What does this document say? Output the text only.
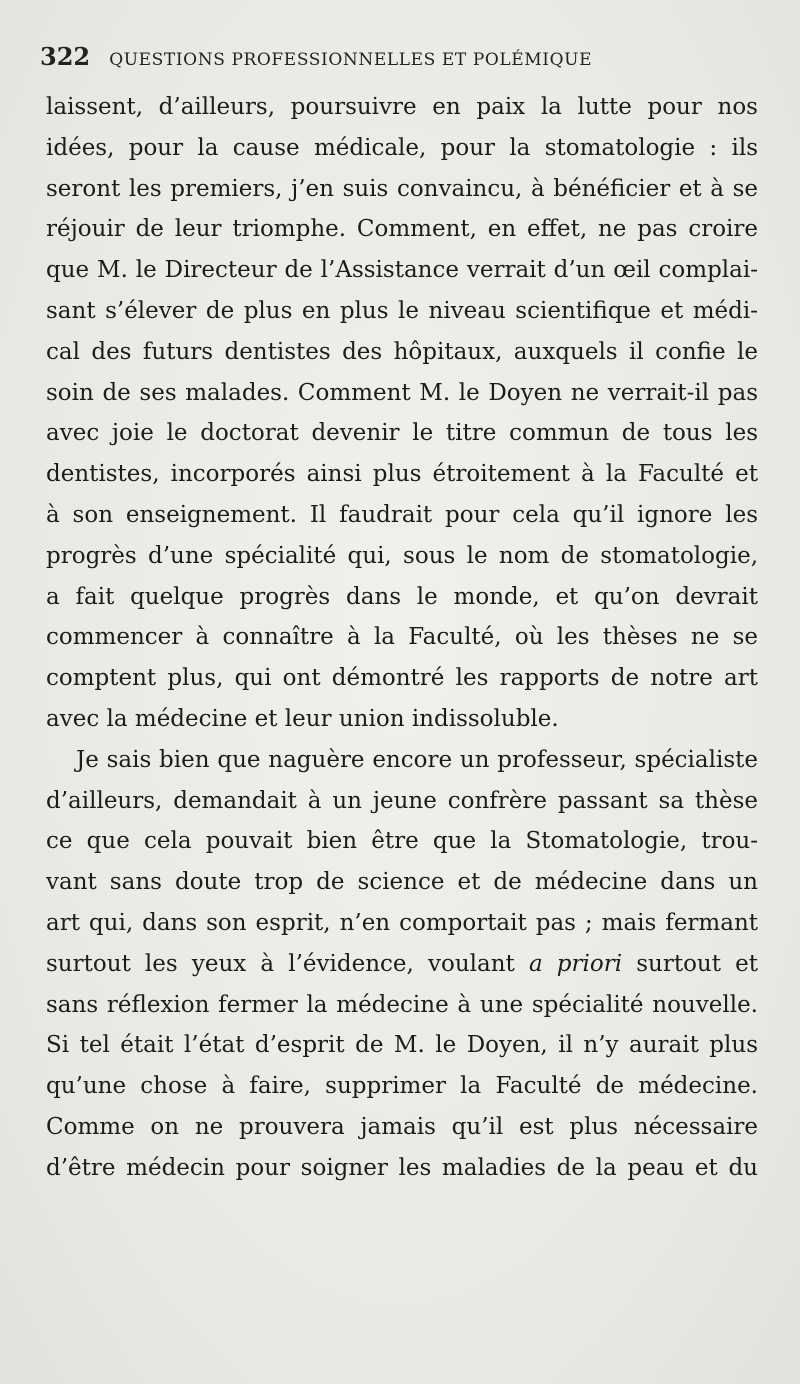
322 QUESTIONS PROFESSIONNELLES ET POLÉMIQUE
laissent, d’ailleurs, poursuivre en paix la lutte pour nos
idées, pour la cause médicale, pour la stomatologie : ils
seront les premiers, j’en suis convaincu, à bénéficier et à se
réjouir de leur triomphe. Comment, en effet, ne pas croire
que M. le Directeur de l’Assistance verrait d’un œil complai-
sant s’élever de plus en plus le niveau scientifique et médi-
cal des futurs dentistes des hôpitaux, auxquels il confie le
soin de ses malades. Comment M. le Doyen ne verrait-il pas
avec joie le doctorat devenir le titre commun de tous les
dentistes, incorporés ainsi plus étroitement à la Faculté et
à son enseignement. Il faudrait pour cela qu’il ignore les
progrès d’une spécialité qui, sous le nom de stomatologie,
a fait quelque progrès dans le monde, et qu’on devrait
commencer à connaître à la Faculté, où les thèses ne se
comptent plus, qui ont démontré les rapports de notre art
avec la médecine et leur union indissoluble.
Je sais bien que naguère encore un professeur, spécialiste
d’ailleurs, demandait à un jeune confrère passant sa thèse
ce que cela pouvait bien être que la Stomatologie, trou-
vant sans doute trop de science et de médecine dans un
art qui, dans son esprit, n’en comportait pas ; mais fermant
surtout les yeux à l’évidence, voulant a priori surtout et
sans réflexion fermer la médecine à une spécialité nouvelle.
Si tel était l’état d’esprit de M. le Doyen, il n’y aurait plus
qu’une chose à faire, supprimer la Faculté de médecine.
Comme on ne prouvera jamais qu’il est plus nécessaire
d’être médecin pour soigner les maladies de la peau et du
